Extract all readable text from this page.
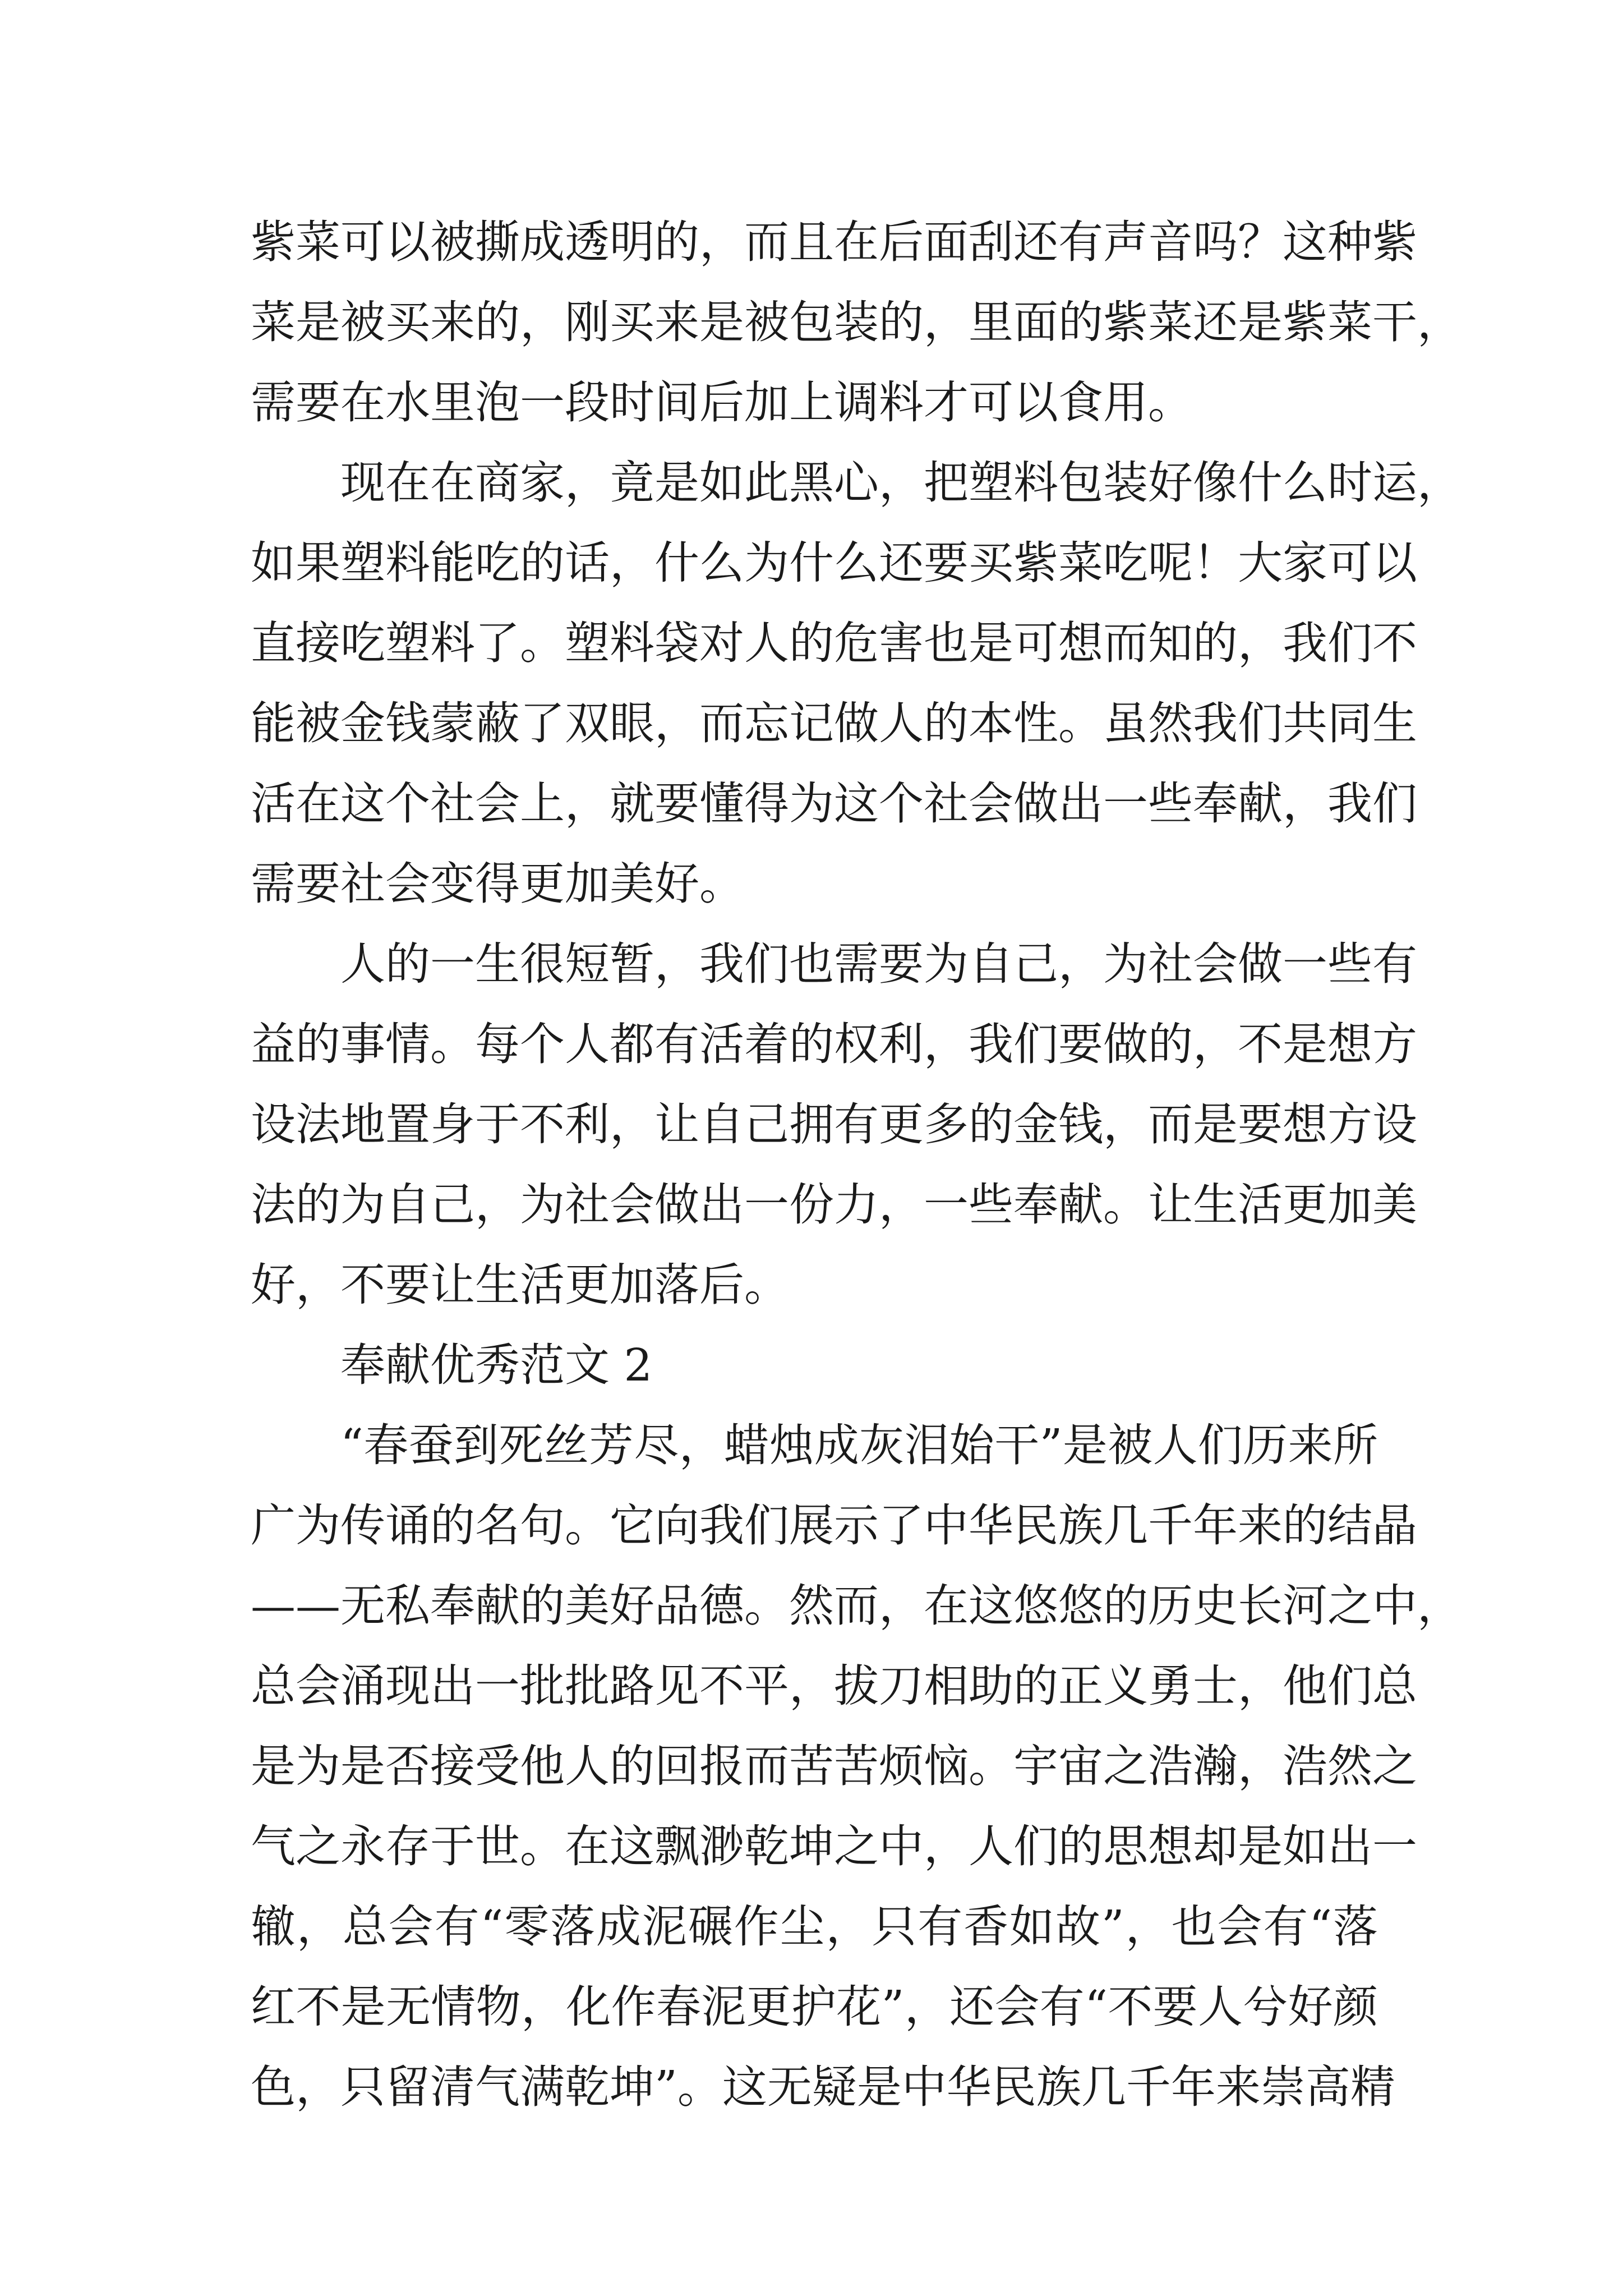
紫菜可以被撕成透明的，而且在后面刮还有声音吗？这种紫
菜是被买来的，刚买来是被包装的，里面的紫菜还是紫菜干，
需要在水里泡一段时间后加上调料才可以食用。
现在在商家，竟是如此黑心，把塑料包装好像什么时运，
如果塑料能吃的话，什么为什么还要买紫菜吃呢！大家可以
直接吃塑料了。塑料袋对人的危害也是可想而知的，我们不
能被金钱蒙蔽了双眼，而忘记做人的本性。虽然我们共同生
活在这个社会上，就要懂得为这个社会做出一些奉献，我们
需要社会变得更加美好。
人的一生很短暂，我们也需要为自己，为社会做一些有
益的事情。每个人都有活着的权利，我们要做的，不是想方
设法地置身于不利，让自己拥有更多的金钱，而是要想方设
法的为自己，为社会做出一份力，一些奉献。让生活更加美
好，不要让生活更加落后。
奉献优秀范文 2
“春蚕到死丝芳尽，蜡烛成灰泪始干”是被人们历来所
广为传诵的名句。它向我们展示了中华民族几千年来的结晶
——无私奉献的美好品德。然而，在这悠悠的历史长河之中，
总会涌现出一批批路见不平，拔刀相助的正义勇士，他们总
是为是否接受他人的回报而苦苦烦恼。宇宙之浩瀚，浩然之
气之永存于世。在这飘渺乾坤之中，人们的思想却是如出一
辙，总会有“零落成泥碾作尘，只有香如故”，也会有“落
红不是无情物，化作春泥更护花”，还会有“不要人兮好颜
色，只留清气满乾坤”。这无疑是中华民族几千年来崇高精
